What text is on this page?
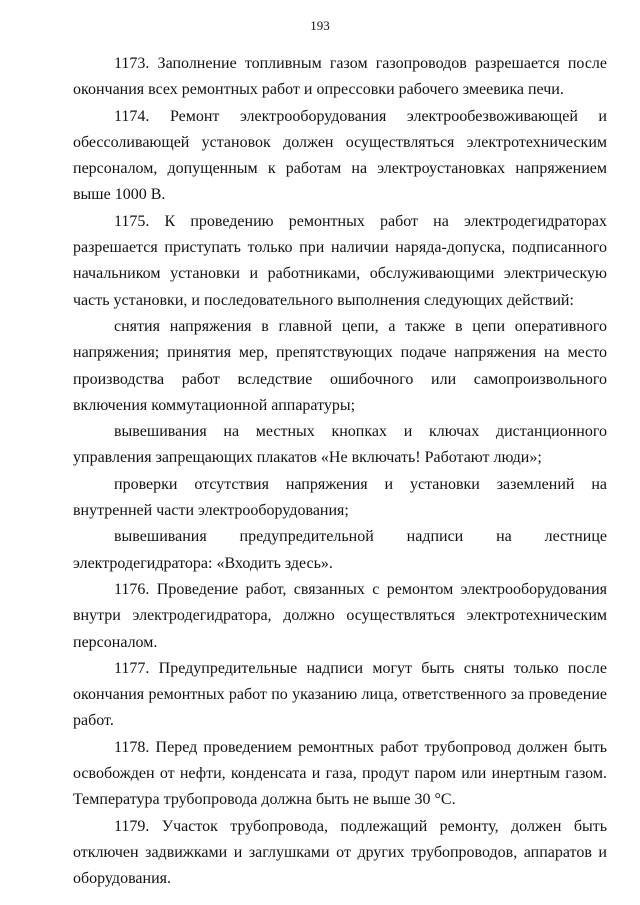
193

1173. Заполнение топливным газом газопроводов разрешается после окончания всех ремонтных работ и опрессовки рабочего змеевика печи.

1174. Ремонт электрооборудования электрообезвоживающей и обессоливающей установок должен осуществляться электротехническим персоналом, допущенным к работам на электроустановках напряжением выше 1000 В.

1175. К проведению ремонтных работ на электродегидраторах разрешается приступать только при наличии наряда-допуска, подписанного начальником установки и работниками, обслуживающими электрическую часть установки, и последовательного выполнения следующих действий:

снятия напряжения в главной цепи, а также в цепи оперативного напряжения; принятия мер, препятствующих подаче напряжения на место производства работ вследствие ошибочного или самопроизвольного включения коммутационной аппаратуры;

вывешивания на местных кнопках и ключах дистанционного управления запрещающих плакатов «Не включать! Работают люди»;

проверки отсутствия напряжения и установки заземлений на внутренней части электрооборудования;

вывешивания предупредительной надписи на лестнице электродегидратора: «Входить здесь».

1176. Проведение работ, связанных с ремонтом электрооборудования внутри электродегидратора, должно осуществляться электротехническим персоналом.

1177. Предупредительные надписи могут быть сняты только после окончания ремонтных работ по указанию лица, ответственного за проведение работ.

1178. Перед проведением ремонтных работ трубопровод должен быть освобожден от нефти, конденсата и газа, продут паром или инертным газом. Температура трубопровода должна быть не выше 30 °С.

1179. Участок трубопровода, подлежащий ремонту, должен быть отключен задвижками и заглушками от других трубопроводов, аппаратов и оборудования.
